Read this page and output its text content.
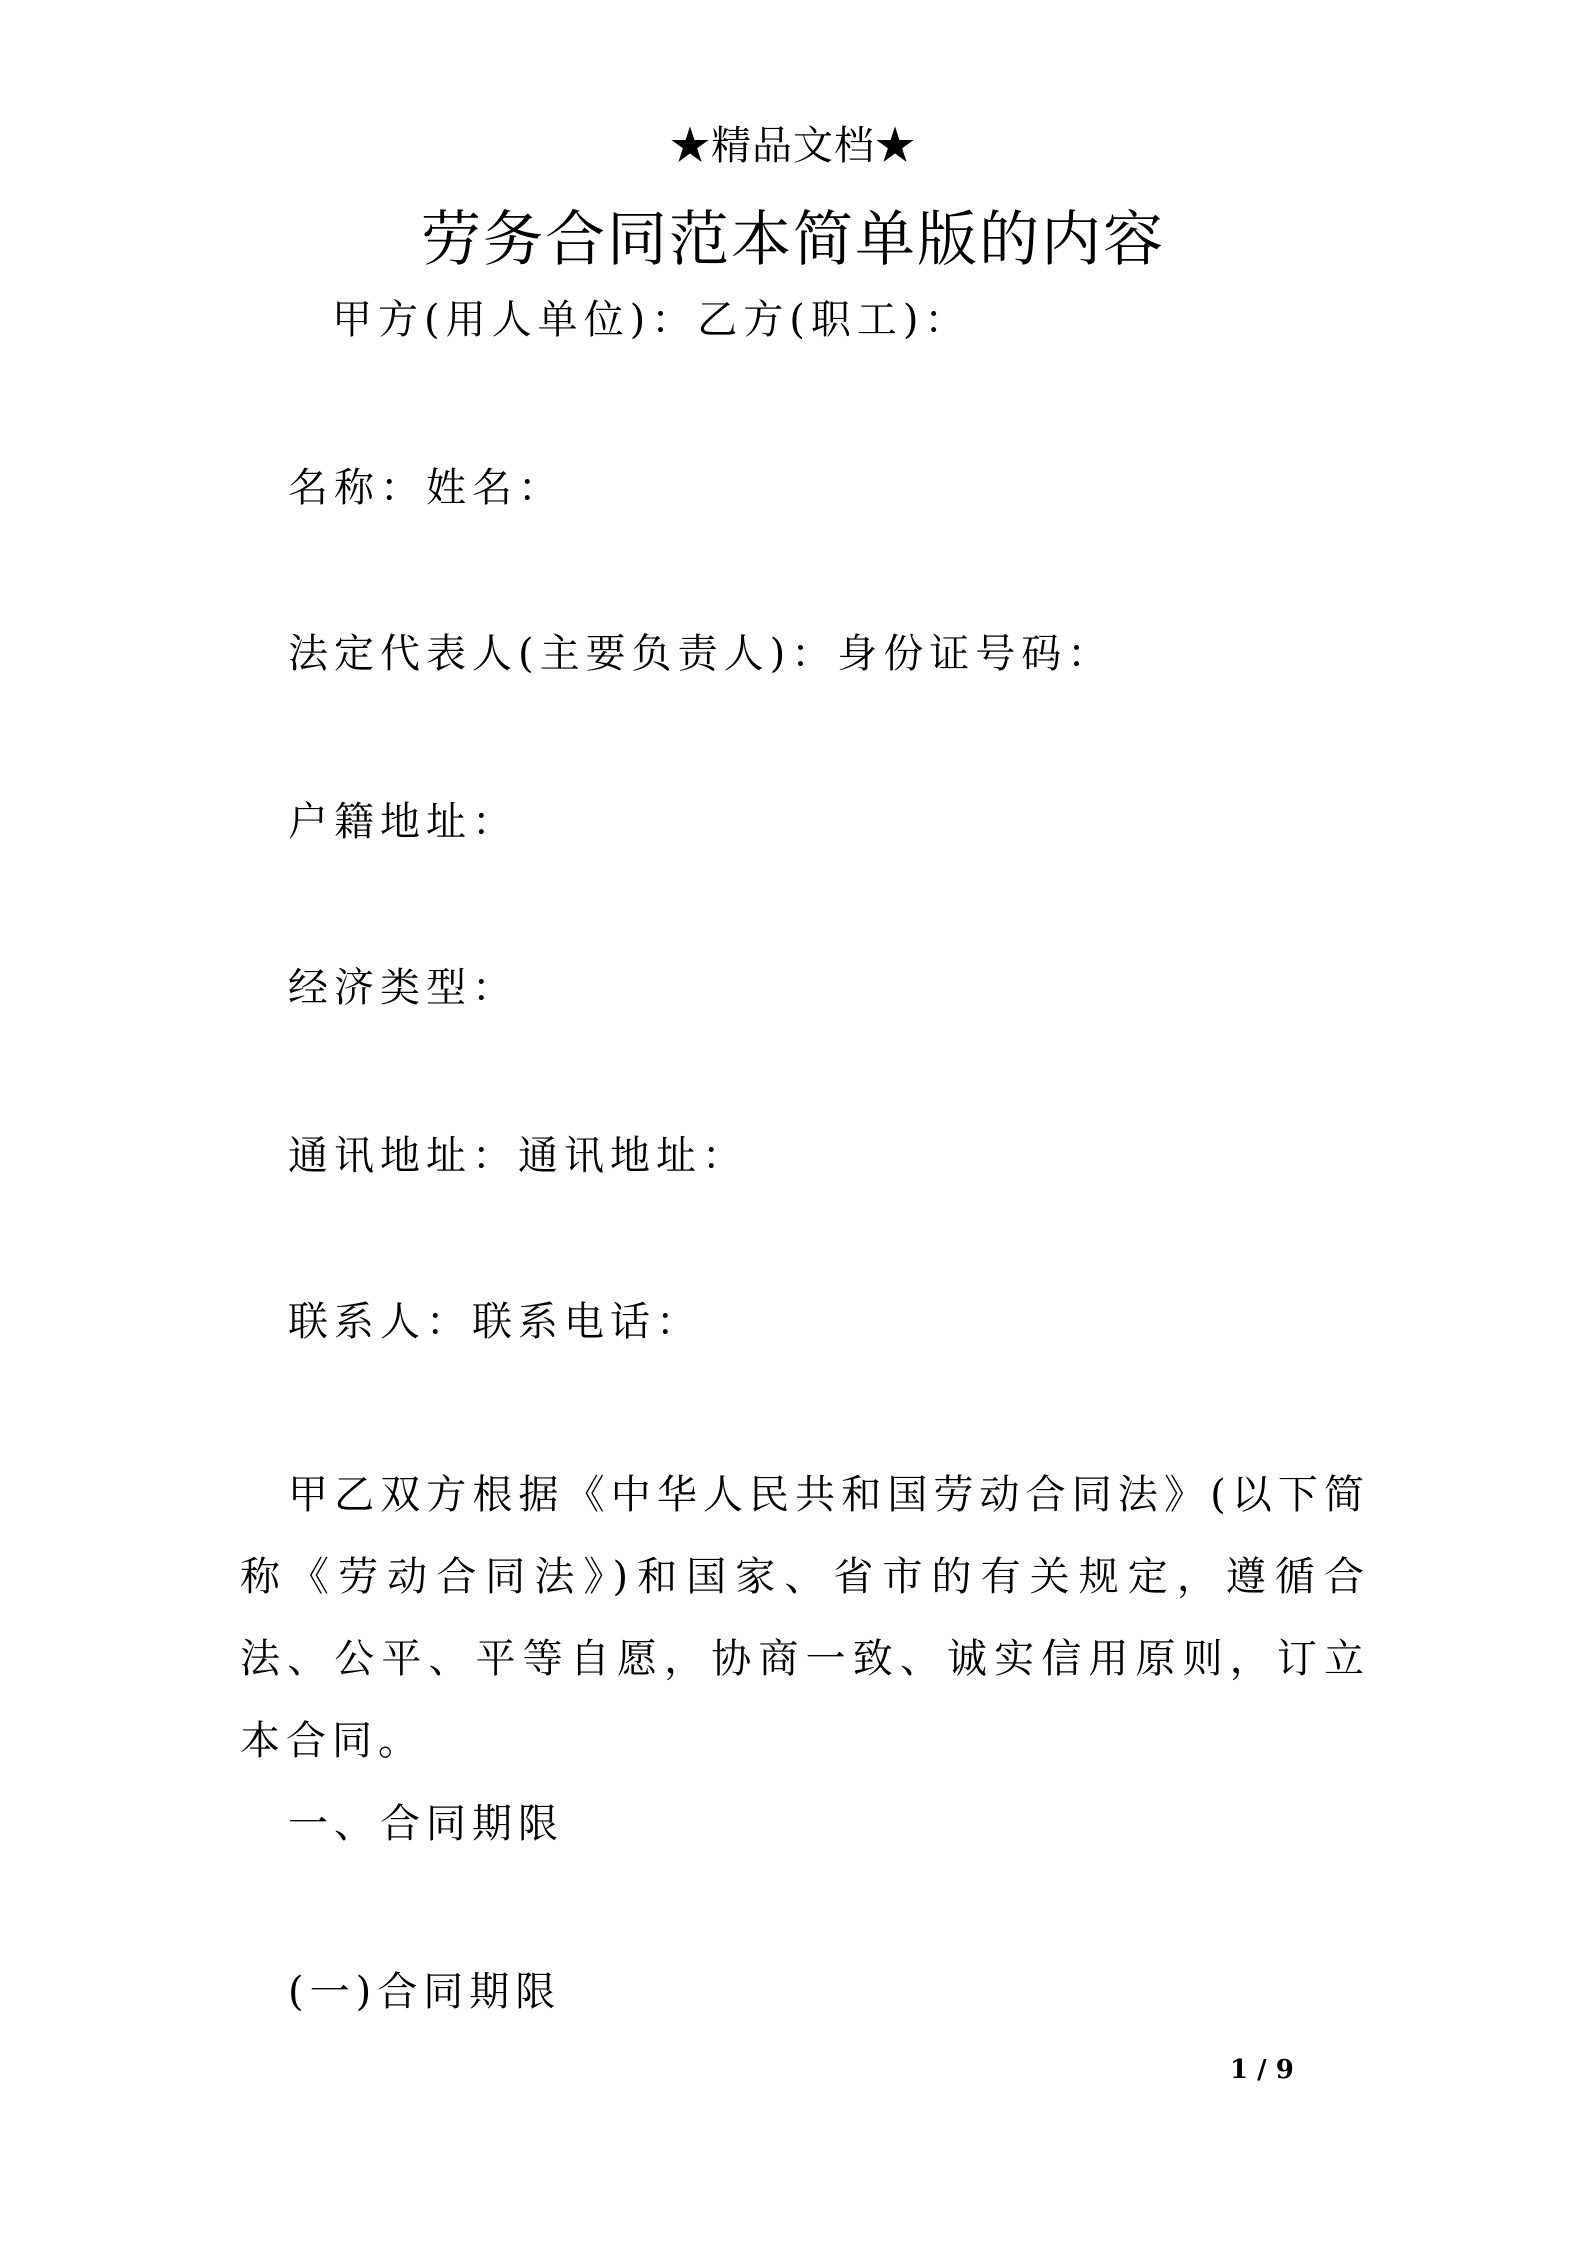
★精品文档★
劳务合同范本简单版的内容
甲方(用人单位)：乙方(职工)：
名称：姓名：
法定代表人(主要负责人)：身份证号码：
户籍地址：
经济类型：
通讯地址：通讯地址：
联系人：联系电话：
甲乙双方根据《中华人民共和国劳动合同法》(以下简称《劳动合同法》)和国家、省市的有关规定，遵循合法、公平、平等自愿，协商一致、诚实信用原则，订立本合同。
一、合同期限
(一)合同期限
1 / 9
